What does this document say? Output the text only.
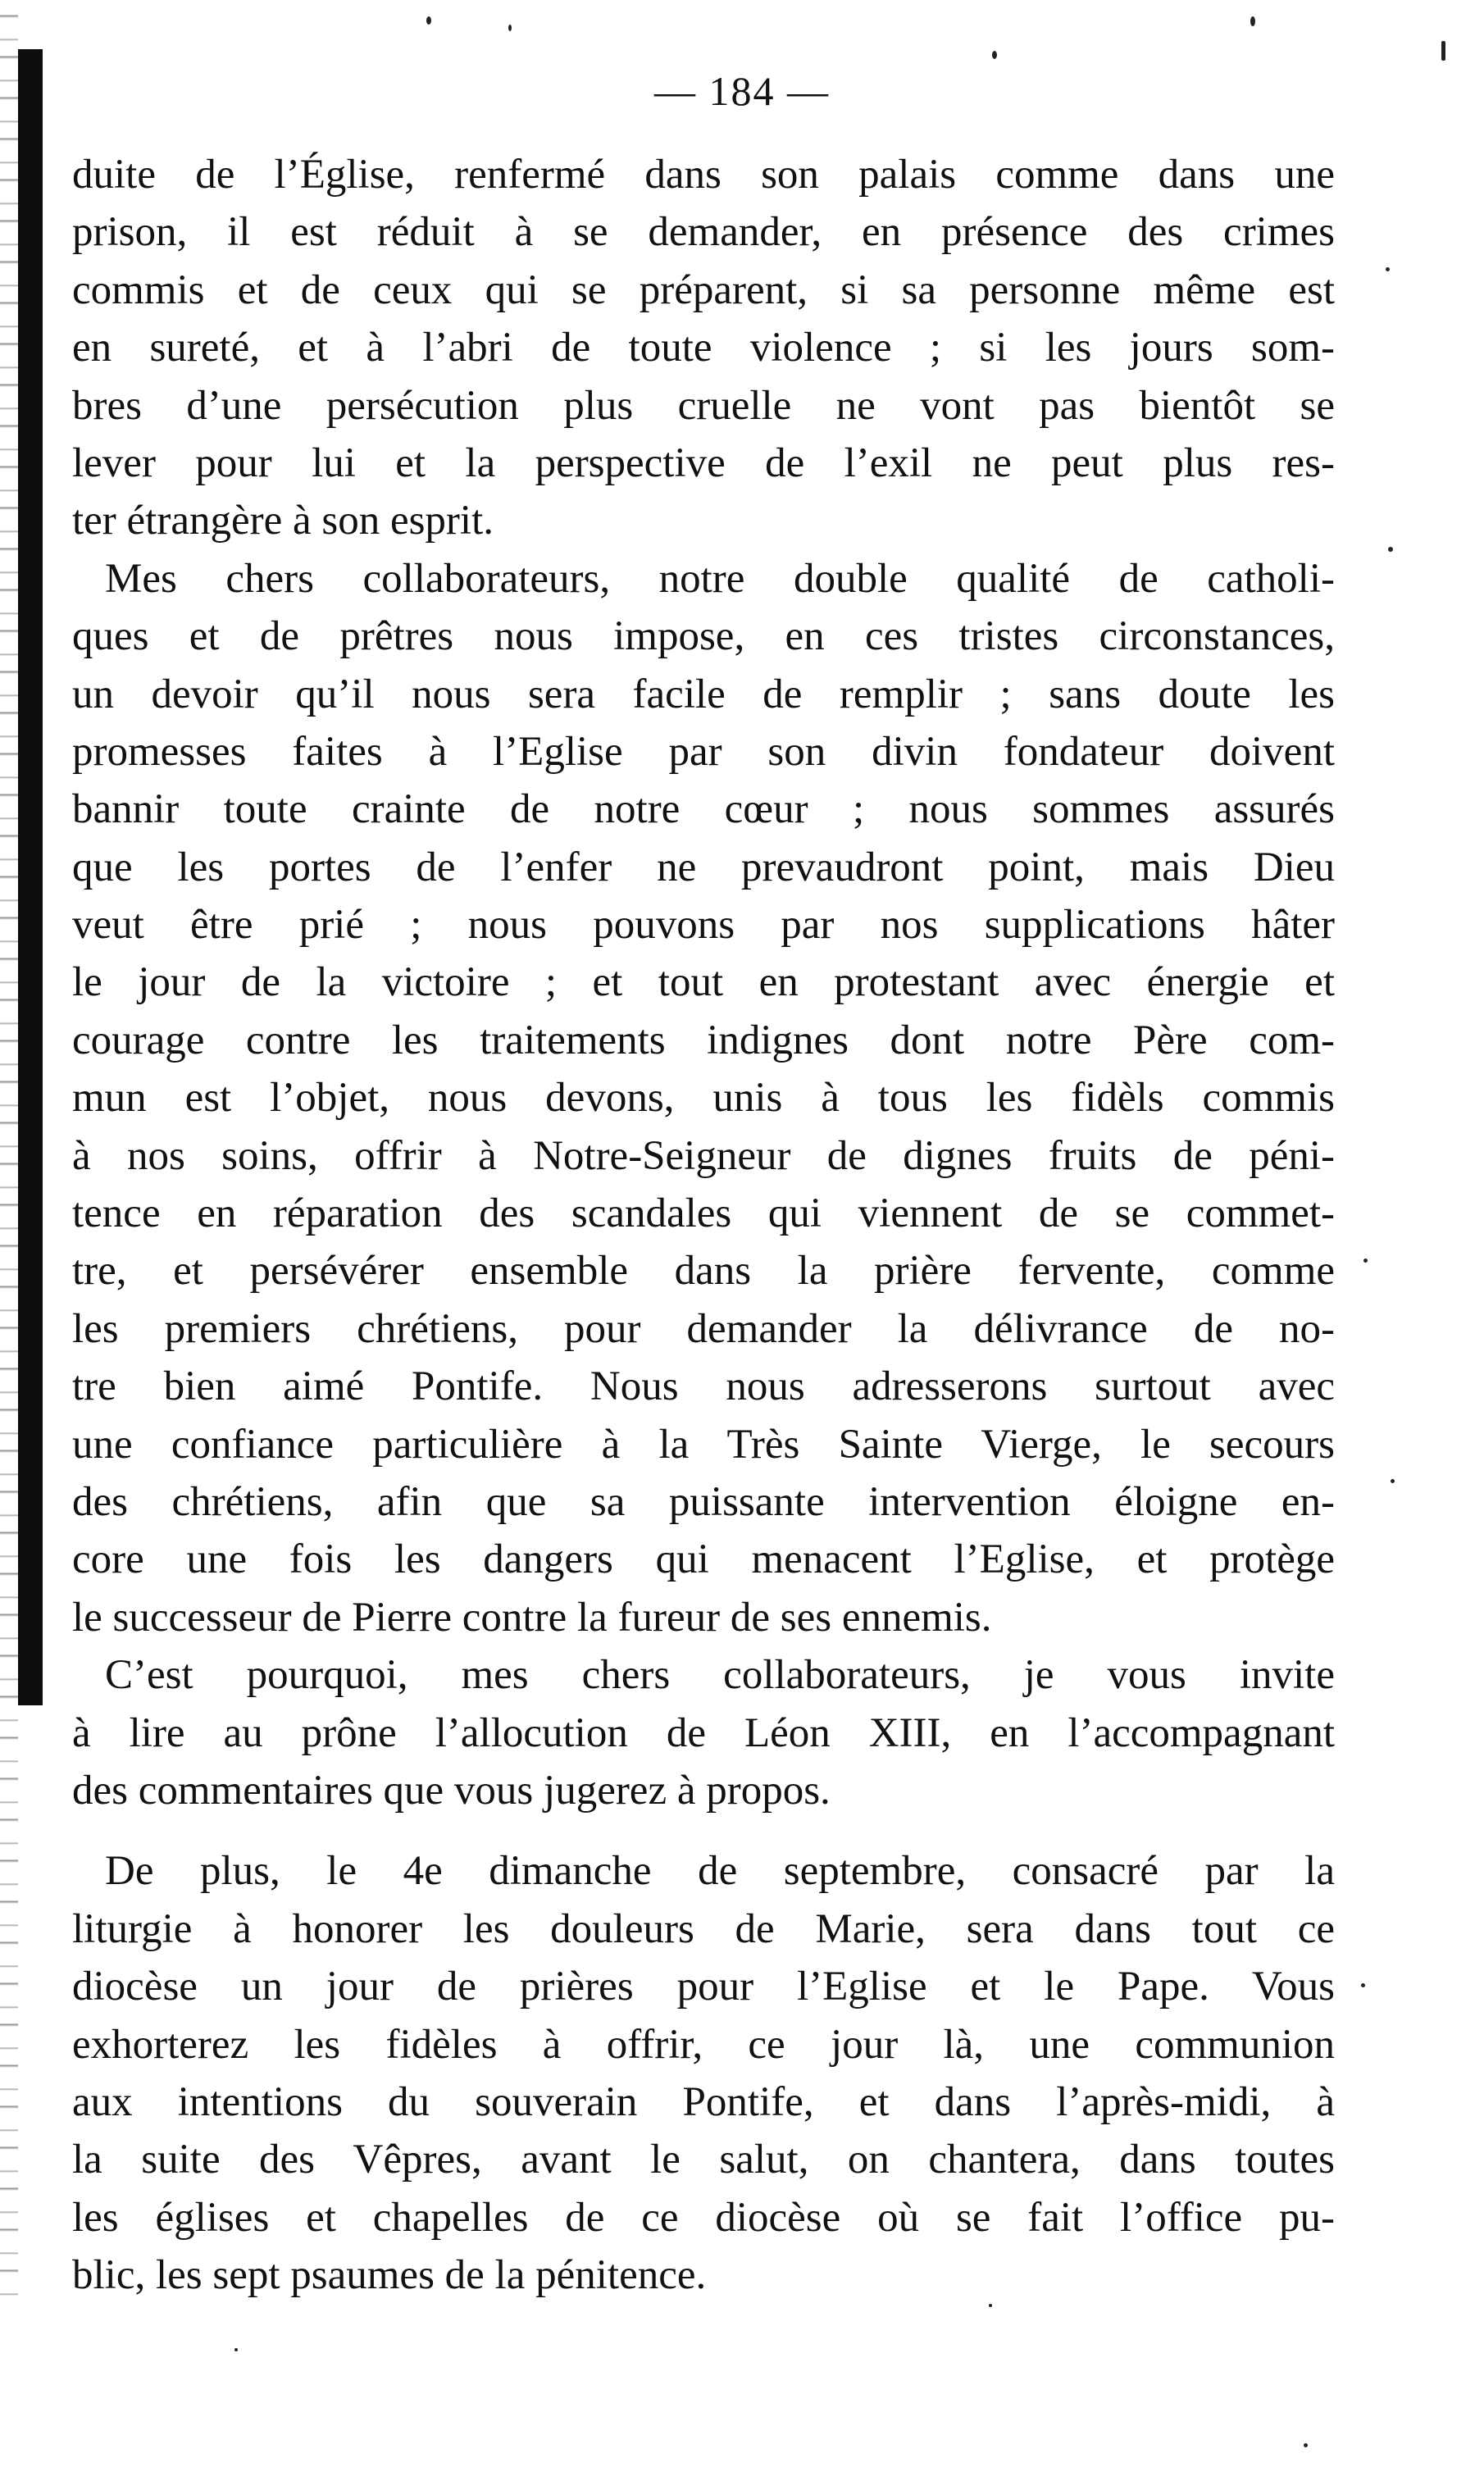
— 184 —
duite de l’Église, renfermé dans son palais comme dans une
prison, il est réduit à se demander, en présence des crimes
commis et de ceux qui se préparent, si sa personne même est
en sureté, et à l’abri de toute violence ; si les jours som-
bres d’une persécution plus cruelle ne vont pas bientôt se
lever pour lui et la perspective de l’exil ne peut plus res-
ter étrangère à son esprit.
Mes chers collaborateurs, notre double qualité de catholi-
ques et de prêtres nous impose, en ces tristes circonstances,
un devoir qu’il nous sera facile de remplir ; sans doute les
promesses faites à l’Eglise par son divin fondateur doivent
bannir toute crainte de notre cœur ; nous sommes assurés
que les portes de l’enfer ne prevaudront point, mais Dieu
veut être prié ; nous pouvons par nos supplications hâter
le jour de la victoire ; et tout en protestant avec énergie et
courage contre les traitements indignes dont notre Père com-
mun est l’objet, nous devons, unis à tous les fidèls commis
à nos soins, offrir à Notre-Seigneur de dignes fruits de péni-
tence en réparation des scandales qui viennent de se commet-
tre, et persévérer ensemble dans la prière fervente, comme
les premiers chrétiens, pour demander la délivrance de no-
tre bien aimé Pontife. Nous nous adresserons surtout avec
une confiance particulière à la Très Sainte Vierge, le secours
des chrétiens, afin que sa puissante intervention éloigne en-
core une fois les dangers qui menacent l’Eglise, et protège
le successeur de Pierre contre la fureur de ses ennemis.
C’est pourquoi, mes chers collaborateurs, je vous invite
à lire au prône l’allocution de Léon XIII, en l’accompagnant
des commentaires que vous jugerez à propos.
De plus, le 4e dimanche de septembre, consacré par la
liturgie à honorer les douleurs de Marie, sera dans tout ce
diocèse un jour de prières pour l’Eglise et le Pape. Vous
exhorterez les fidèles à offrir, ce jour là, une communion
aux intentions du souverain Pontife, et dans l’après-midi, à
la suite des Vêpres, avant le salut, on chantera, dans toutes
les églises et chapelles de ce diocèse où se fait l’office pu-
blic, les sept psaumes de la pénitence.
